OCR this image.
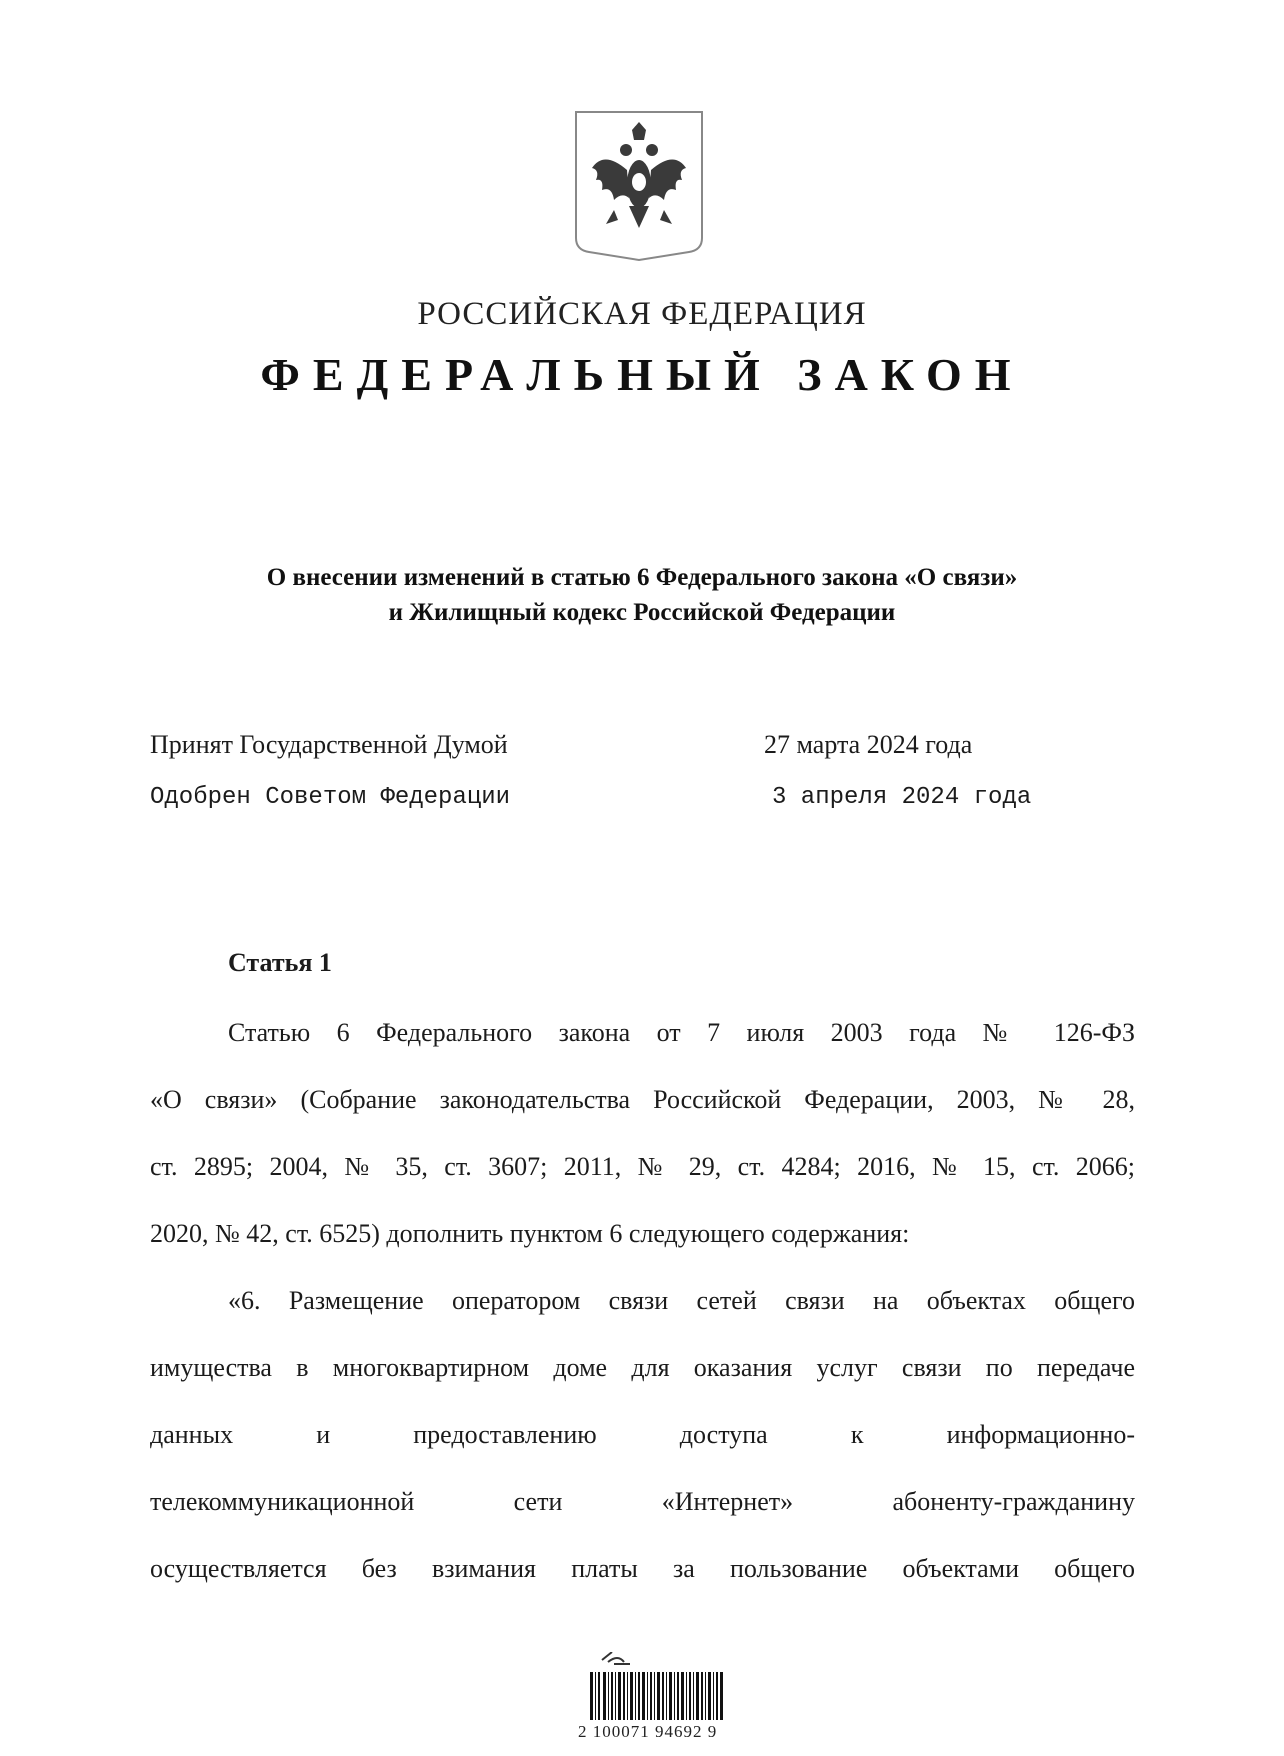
РОССИЙСКАЯ ФЕДЕРАЦИЯ
ФЕДЕРАЛЬНЫЙ ЗАКОН
О внесении изменений в статью 6 Федерального закона «О связи»
и Жилищный кодекс Российской Федерации
Принят Государственной Думой	27 марта 2024 года
Одобрен Советом Федерации	3 апреля 2024 года
Статья 1
Статью 6 Федерального закона от 7 июля 2003 года № 126-ФЗ
«О связи» (Собрание законодательства Российской Федерации, 2003, № 28,
ст. 2895; 2004, № 35, ст. 3607; 2011, № 29, ст. 4284; 2016, № 15, ст. 2066;
2020, № 42, ст. 6525) дополнить пунктом 6 следующего содержания:
«6. Размещение оператором связи сетей связи на объектах общего
имущества в многоквартирном доме для оказания услуг связи по передаче
данных и предоставлению доступа к информационно-
телекоммуникационной сети «Интернет» абоненту-гражданину
осуществляется без взимания платы за пользование объектами общего
2 100071 94692 9
